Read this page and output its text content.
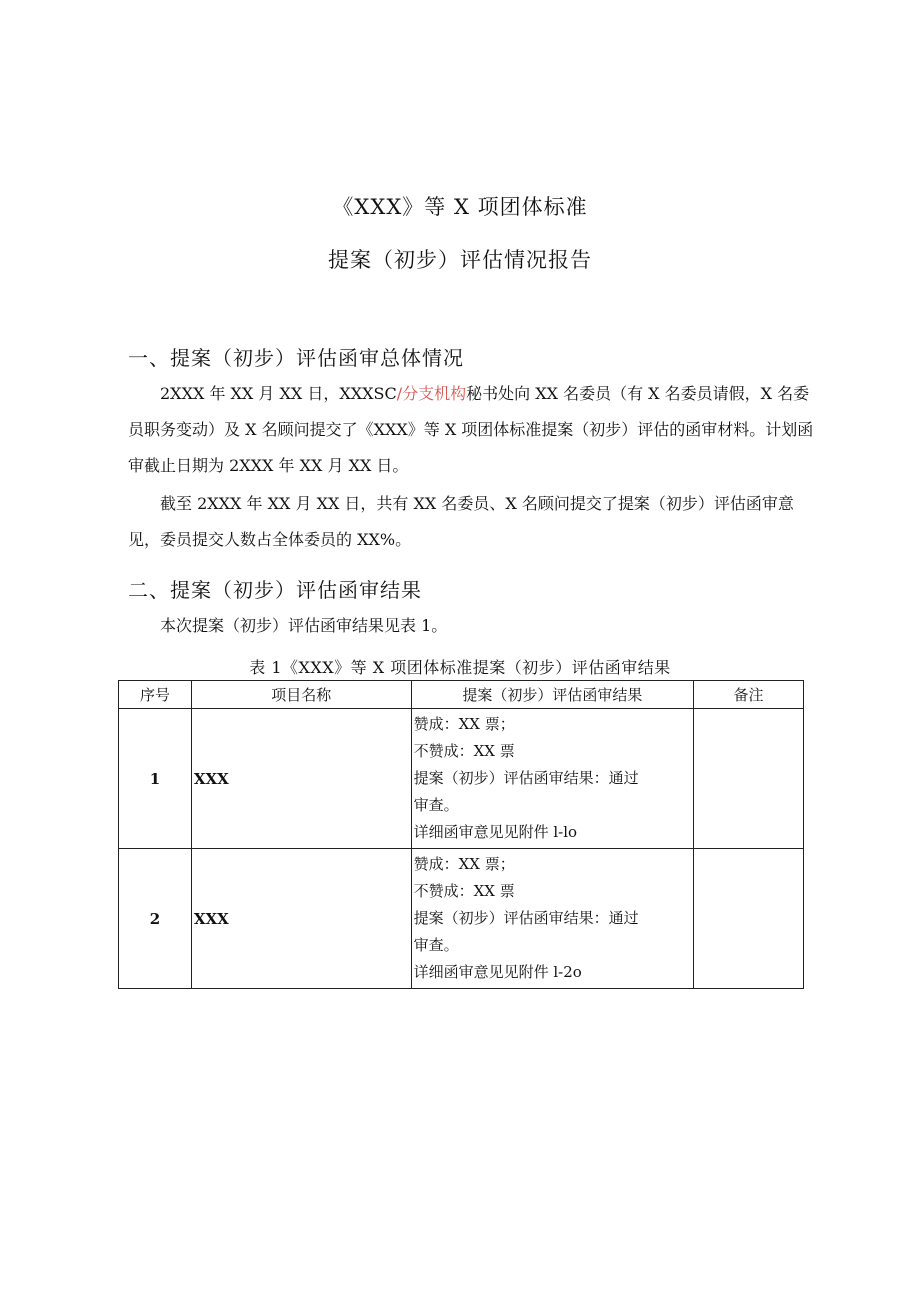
《XXX》等 X 项团体标准
提案（初步）评估情况报告
一、提案（初步）评估函审总体情况
2XXX 年 XX 月 XX 日，XXXSC/分支机构秘书处向 XX 名委员（有 X 名委员请假，X 名委员职务变动）及 X 名顾问提交了《XXX》等 X 项团体标准提案（初步）评估的函审材料。计划函审截止日期为 2XXX 年 XX 月 XX 日。
截至 2XXX 年 XX 月 XX 日，共有 XX 名委员、X 名顾问提交了提案（初步）评估函审意见，委员提交人数占全体委员的 XX%。
二、提案（初步）评估函审结果
本次提案（初步）评估函审结果见表 1。
表 1《XXX》等 X 项团体标准提案（初步）评估函审结果
序号	项目名称	提案（初步）评估函审结果	备注
1	XXX	赞成：XX 票；
不赞成：XX 票
提案（初步）评估函审结果：通过
审查。
详细函审意见见附件 l-lo	

2	XXX	赞成：XX 票；
不赞成：XX 票
提案（初步）评估函审结果：通过
审查。
详细函审意见见附件 l-2o	
